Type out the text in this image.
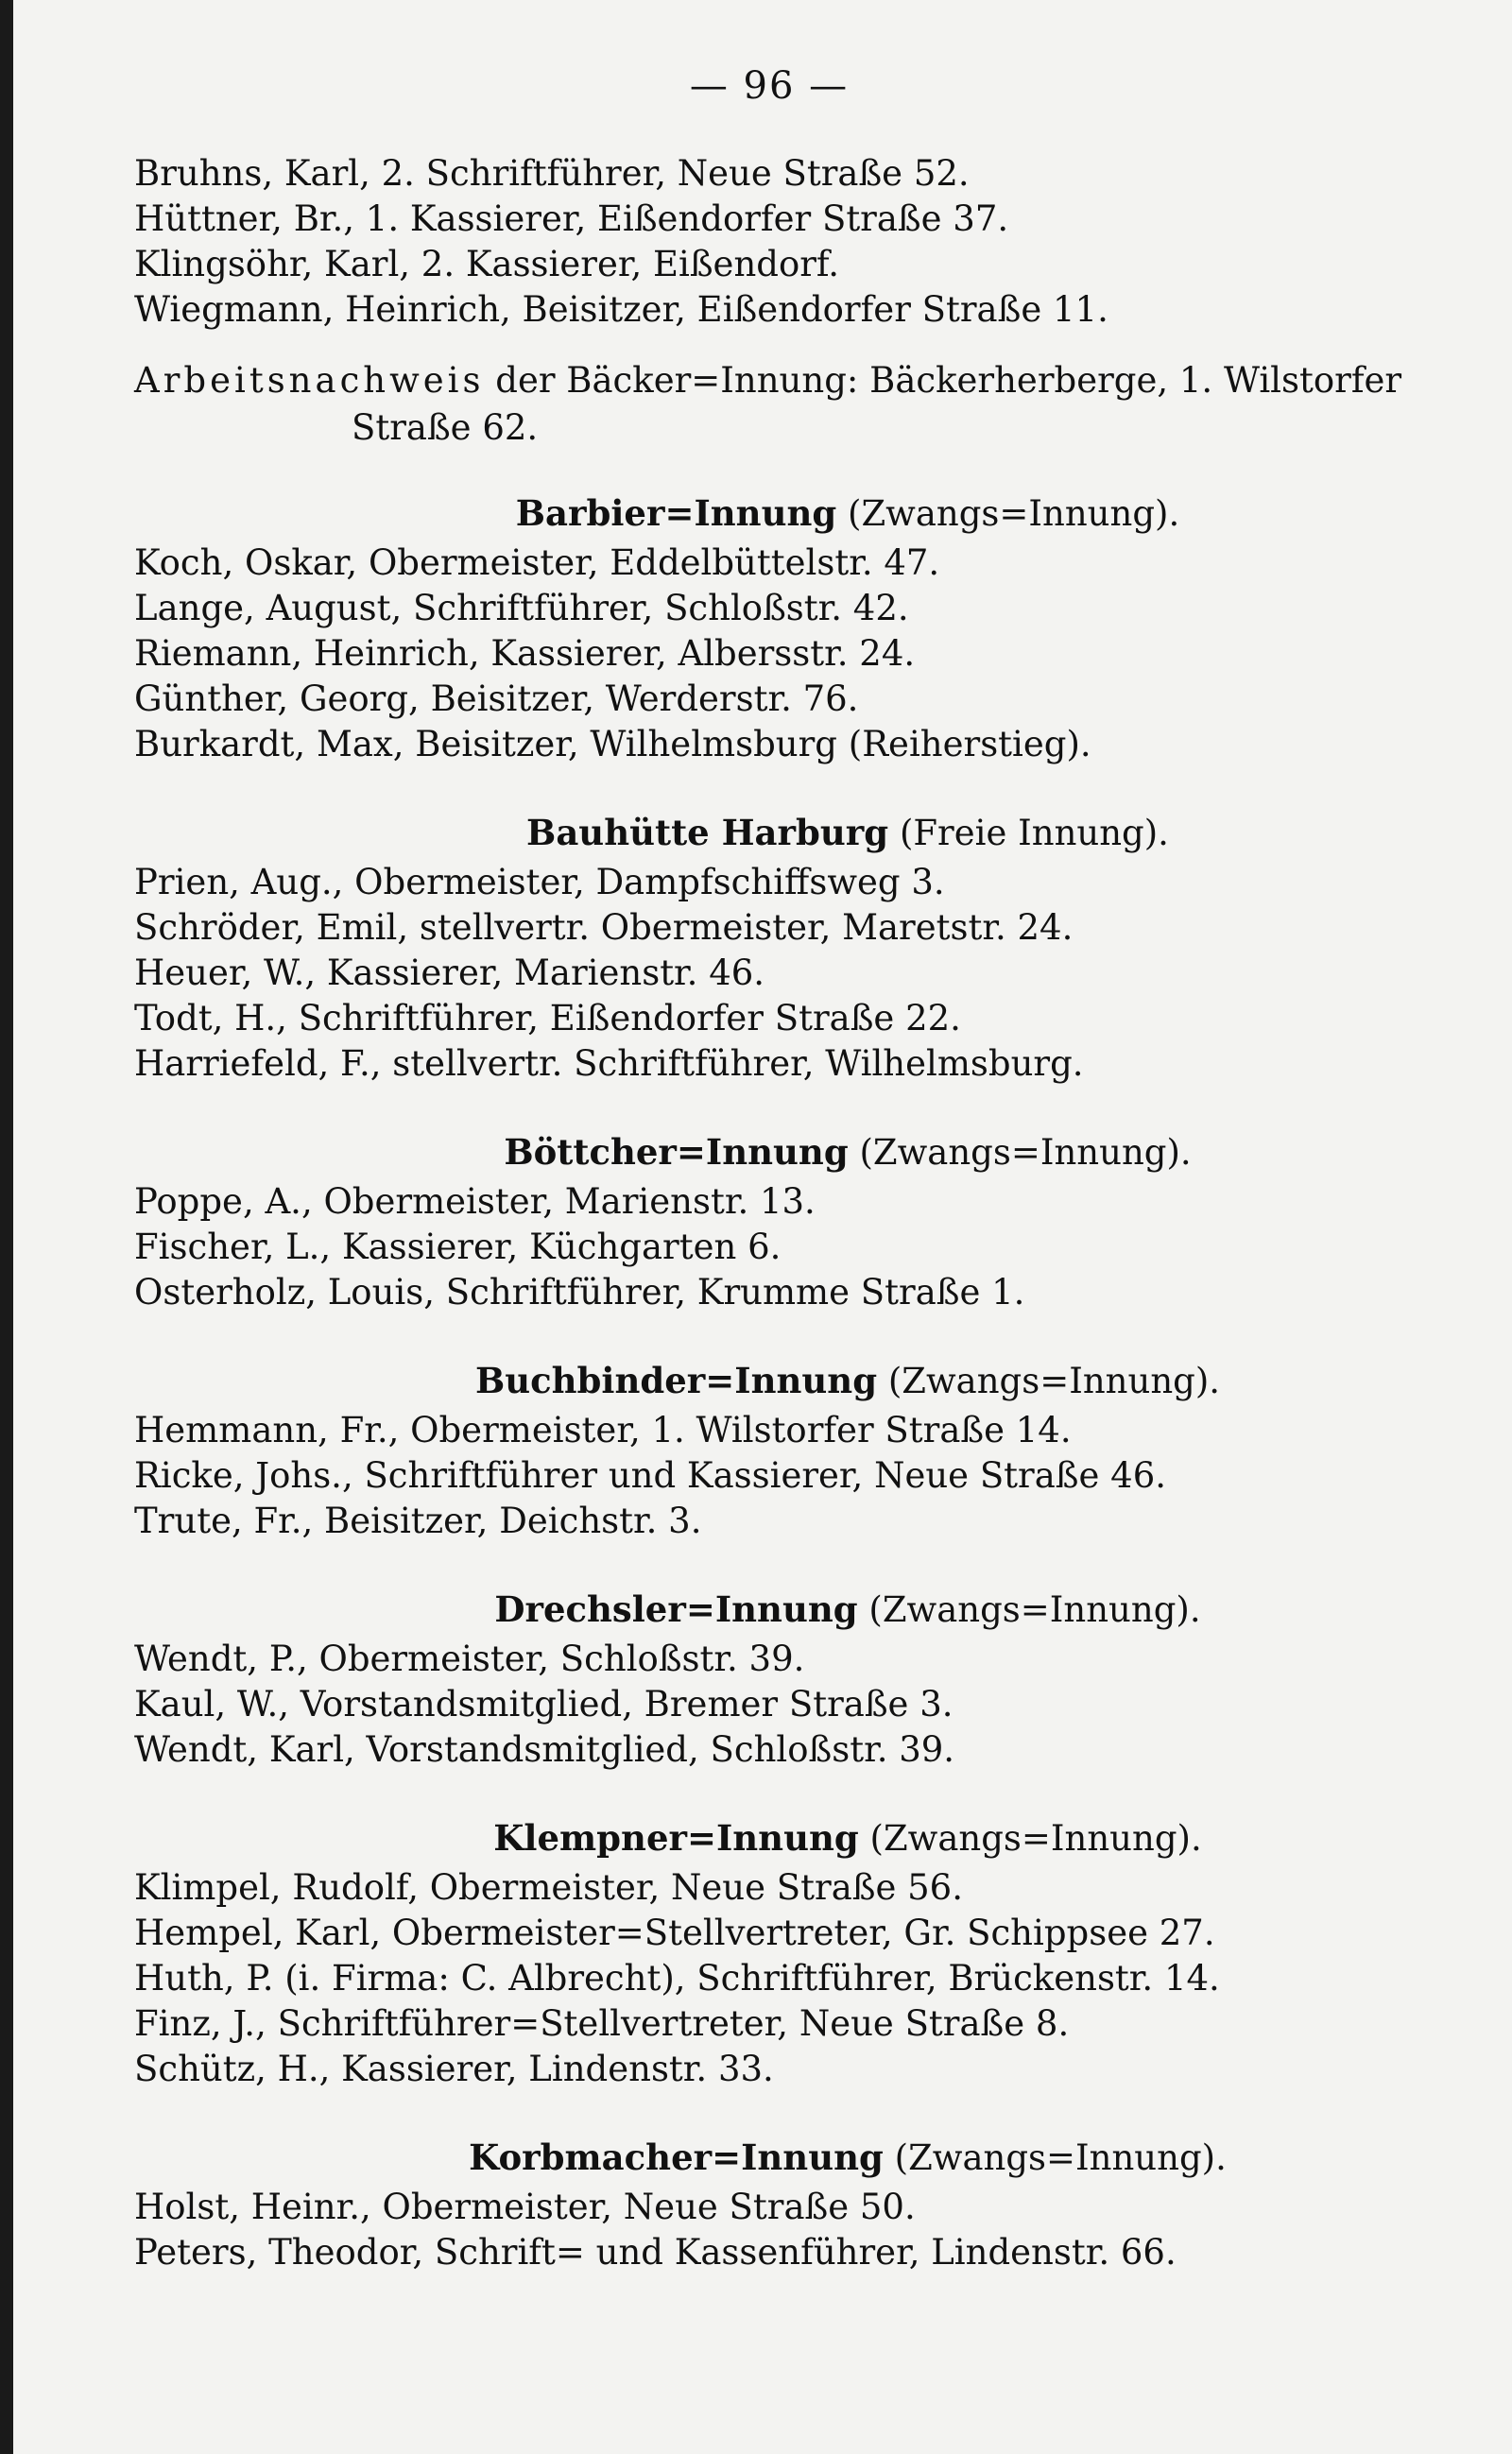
— 96 —
Bruhns, Karl, 2. Schriftführer, Neue Straße 52.
Hüttner, Br., 1. Kassierer, Eißendorfer Straße 37.
Klingsöhr, Karl, 2. Kassierer, Eißendorf.
Wiegmann, Heinrich, Beisitzer, Eißendorfer Straße 11.
Arbeitsnachweis der Bäcker=Innung: Bäckerherberge, 1. Wilstorfer
Straße 62.
Barbier=Innung (Zwangs=Innung).
Koch, Oskar, Obermeister, Eddelbüttelstr. 47.
Lange, August, Schriftführer, Schloßstr. 42.
Riemann, Heinrich, Kassierer, Albersstr. 24.
Günther, Georg, Beisitzer, Werderstr. 76.
Burkardt, Max, Beisitzer, Wilhelmsburg (Reiherstieg).
Bauhütte Harburg (Freie Innung).
Prien, Aug., Obermeister, Dampfschiffsweg 3.
Schröder, Emil, stellvertr. Obermeister, Maretstr. 24.
Heuer, W., Kassierer, Marienstr. 46.
Todt, H., Schriftführer, Eißendorfer Straße 22.
Harriefeld, F., stellvertr. Schriftführer, Wilhelmsburg.
Böttcher=Innung (Zwangs=Innung).
Poppe, A., Obermeister, Marienstr. 13.
Fischer, L., Kassierer, Küchgarten 6.
Osterholz, Louis, Schriftführer, Krumme Straße 1.
Buchbinder=Innung (Zwangs=Innung).
Hemmann, Fr., Obermeister, 1. Wilstorfer Straße 14.
Ricke, Johs., Schriftführer und Kassierer, Neue Straße 46.
Trute, Fr., Beisitzer, Deichstr. 3.
Drechsler=Innung (Zwangs=Innung).
Wendt, P., Obermeister, Schloßstr. 39.
Kaul, W., Vorstandsmitglied, Bremer Straße 3.
Wendt, Karl, Vorstandsmitglied, Schloßstr. 39.
Klempner=Innung (Zwangs=Innung).
Klimpel, Rudolf, Obermeister, Neue Straße 56.
Hempel, Karl, Obermeister=Stellvertreter, Gr. Schippsee 27.
Huth, P. (i. Firma: C. Albrecht), Schriftführer, Brückenstr. 14.
Finz, J., Schriftführer=Stellvertreter, Neue Straße 8.
Schütz, H., Kassierer, Lindenstr. 33.
Korbmacher=Innung (Zwangs=Innung).
Holst, Heinr., Obermeister, Neue Straße 50.
Peters, Theodor, Schrift= und Kassenführer, Lindenstr. 66.
